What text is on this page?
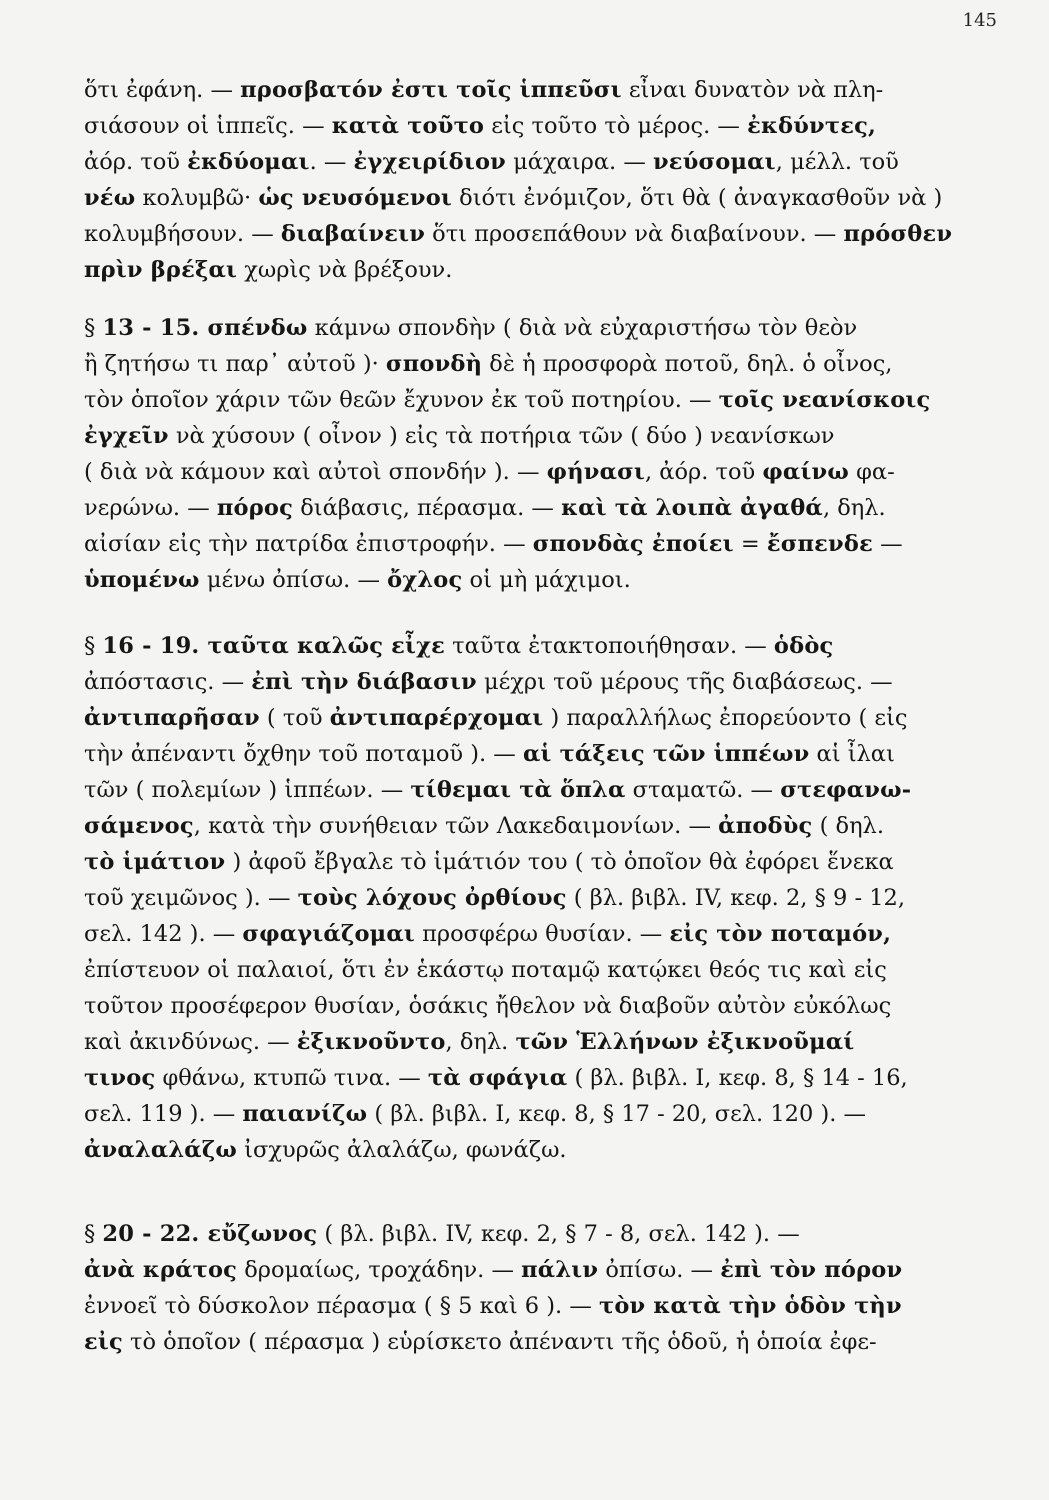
145
ὅτι ἐφάνη. — προσβατόν ἐστι τοῖς ἱππεῦσι εἶναι δυνατὸν νὰ πλη-
σιάσουν οἱ ἱππεῖς. — κατὰ τοῦτο εἰς τοῦτο τὸ μέρος. — ἐκδύντες,
ἀόρ. τοῦ ἐκδύομαι. — ἐγχειρίδιον μάχαιρα. — νεύσομαι, μέλλ. τοῦ
νέω κολυμβῶ· ὡς νευσόμενοι διότι ἐνόμιζον, ὅτι θὰ ( ἀναγκασθοῦν νὰ )
κολυμβήσουν. — διαβαίνειν ὅτι προσεπάθουν νὰ διαβαίνουν. — πρόσθεν
πρὶν βρέξαι χωρὶς νὰ βρέξουν.
§ 13 - 15. σπένδω κάμνω σπονδὴν ( διὰ νὰ εὐχαριστήσω τὸν θεὸν
ἢ ζητήσω τι παρ᾽ αὐτοῦ )· σπονδὴ δὲ ἡ προσφορὰ ποτοῦ, δηλ. ὁ οἶνος,
τὸν ὁποῖον χάριν τῶν θεῶν ἔχυνον ἐκ τοῦ ποτηρίου. — τοῖς νεανίσκοις
ἐγχεῖν νὰ χύσουν ( οἶνον ) εἰς τὰ ποτήρια τῶν ( δύο ) νεανίσκων
( διὰ νὰ κάμουν καὶ αὐτοὶ σπονδήν ). — φήνασι, ἀόρ. τοῦ φαίνω φα-
νερώνω. — πόρος διάβασις, πέρασμα. — καὶ τὰ λοιπὰ ἀγαθά, δηλ.
αἰσίαν εἰς τὴν πατρίδα ἐπιστροφήν. — σπονδὰς ἐποίει = ἔσπενδε —
ὑπομένω μένω ὀπίσω. — ὄχλος οἱ μὴ μάχιμοι.
§ 16 - 19. ταῦτα καλῶς εἶχε ταῦτα ἐτακτοποιήθησαν. — ὁδὸς
ἀπόστασις. — ἐπὶ τὴν διάβασιν μέχρι τοῦ μέρους τῆς διαβάσεως. —
ἀντιπαρῆσαν ( τοῦ ἀντιπαρέρχομαι ) παραλλήλως ἐπορεύοντο ( εἰς
τὴν ἀπέναντι ὄχθην τοῦ ποταμοῦ ). — αἱ τάξεις τῶν ἱππέων αἱ ἶλαι
τῶν ( πολεμίων ) ἱππέων. — τίθεμαι τὰ ὅπλα σταματῶ. — στεφανω-
σάμενος, κατὰ τὴν συνήθειαν τῶν Λακεδαιμονίων. — ἀποδὺς ( δηλ.
τὸ ἱμάτιον ) ἀφοῦ ἔβγαλε τὸ ἱμάτιόν του ( τὸ ὁποῖον θὰ ἐφόρει ἕνεκα
τοῦ χειμῶνος ). — τοὺς λόχους ὀρθίους ( βλ. βιβλ. IV, κεφ. 2, § 9 - 12,
σελ. 142 ). — σφαγιάζομαι προσφέρω θυσίαν. — εἰς τὸν ποταμόν,
ἐπίστευον οἱ παλαιοί, ὅτι ἐν ἑκάστῳ ποταμῷ κατῴκει θεός τις καὶ εἰς
τοῦτον προσέφερον θυσίαν, ὁσάκις ἤθελον νὰ διαβοῦν αὐτὸν εὐκόλως
καὶ ἀκινδύνως. — ἐξικνοῦντο, δηλ. τῶν Ἑλλήνων ἐξικνοῦμαί
τινος φθάνω, κτυπῶ τινα. — τὰ σφάγια ( βλ. βιβλ. I, κεφ. 8, § 14 - 16,
σελ. 119 ). — παιανίζω ( βλ. βιβλ. I, κεφ. 8, § 17 - 20, σελ. 120 ). —
ἀναλαλάζω ἰσχυρῶς ἀλαλάζω, φωνάζω.
§ 20 - 22. εὔζωνος ( βλ. βιβλ. IV, κεφ. 2, § 7 - 8, σελ. 142 ). —
ἀνὰ κράτος δρομαίως, τροχάδην. — πάλιν ὀπίσω. — ἐπὶ τὸν πόρον
ἐννοεῖ τὸ δύσκολον πέρασμα ( § 5 καὶ 6 ). — τὸν κατὰ τὴν ὁδὸν τὴν
εἰς τὸ ὁποῖον ( πέρασμα ) εὑρίσκετο ἀπέναντι τῆς ὁδοῦ, ἡ ὁποία ἐφε-
